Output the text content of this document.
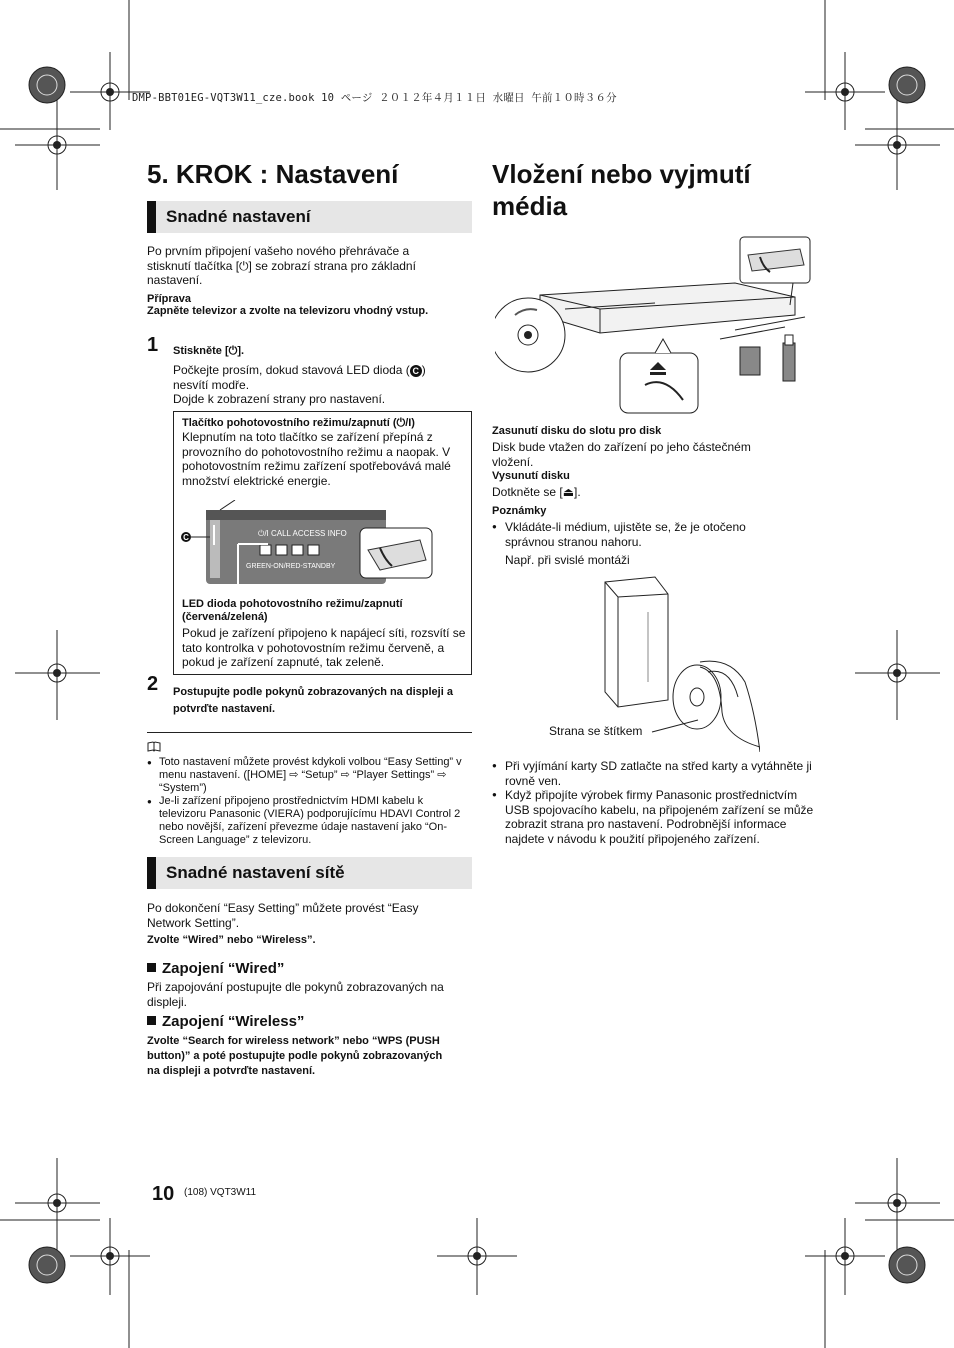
DMP-BBT01EG-VQT3W11_cze.book 10 ページ ２０１２年４月１１日 水曜日 午前１０時３６分
5. KROK : Nastavení
Snadné nastavení

Po prvním připojení vašeho nového přehrávače a stisknutí tlačítka [⏻] se zobrazí strana pro základní nastavení.

Příprava

Zapněte televizor a zvolte na televizoru vhodný vstup.

1 Stiskněte [⏻].

Počkejte prosím, dokud stavová LED dioda ( C )

nesvítí modře.

Dojde k zobrazení strany pro nastavení.

Tlačítko pohotovostního režimu/zapnutí (⏻/I)

Klepnutím na toto tlačítko se zařízení přepíná z provozního do pohotovostního režimu a naopak. V pohotovostním režimu zařízení spotřebovává malé množství elektrické energie.

C	⏻/I CALL ACCESS INFO
GREEN-ON/RED-STANDBY

LED dioda pohotovostního režimu/zapnutí (červená/zelená)

Pokud je zařízení připojeno k napájecí síti, rozsvítí se tato kontrolka v pohotovostním režimu červeně, a pokud je zařízení zapnuté, tak zeleně.

2 Postupujte podle pokynů zobrazovaných na displeji a potvrďte nastavení.

● Toto nastavení můžete provést kdykoli volbou “Easy Setting” v menu nastavení. ([HOME] ⇨ “Setup” ⇨ “Player Settings” ⇨ “System”)

● Je-li zařízení připojeno prostřednictvím HDMI kabelu k televizoru Panasonic (VIERA) podporujícímu HDAVI Control 2 nebo novější, zařízení převezme údaje nastavení jako “On-Screen Language” z televizoru.

Snadné nastavení sítě

Po dokončení “Easy Setting” můžete provést “Easy Network Setting”.

Zvolte “Wired” nebo “Wireless”.

Zapojení “Wired”

Při zapojování postupujte dle pokynů zobrazovaných na displeji.

Zapojení “Wireless”

Zvolte “Search for wireless network” nebo “WPS (PUSH button)” a poté postupujte podle pokynů zobrazovaných na displeji a potvrďte nastavení.

Vložení nebo vyjmutí média

Zasunutí disku do slotu pro disk

Disk bude vtažen do zařízení po jeho částečném vložení.

Vysunutí disku

Dotkněte se [⏏].

Poznámky

● Vkládáte-li médium, ujistěte se, že je otočeno správnou stranou nahoru.

Např. při svislé montáži

Strana se štítkem

● Při vyjímání karty SD zatlačte na střed karty a vytáhněte ji rovně ven.

● Když připojíte výrobek firmy Panasonic prostřednictvím USB spojovacího kabelu, na připojeném zařízení se může zobrazit strana pro nastavení. Podrobnější informace najdete v návodu k použití připojeného zařízení.

10 (108) VQT3W11
